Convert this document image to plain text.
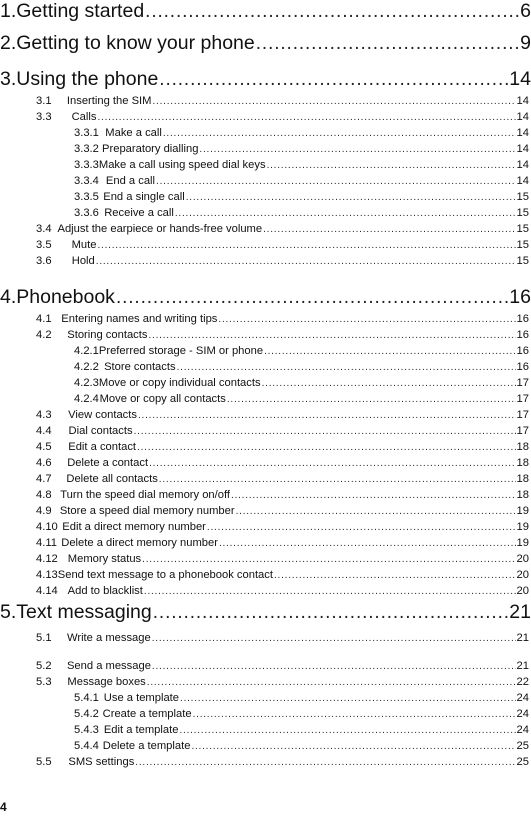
1. Getting started . . .	6
2. Getting to know your phone . . .	9
3. Using the phone . . .	14
3.1	Inserting the SIM . . .	14
3.3	Calls . . .	14
3.3.1 Make a call . . .	14
3.3.2 Preparatory dialling . . .	14
3.3.3 Make a call using speed dial keys . . .	14
3.3.4 End a call . . .	14
3.3.5 End a single call . . .	15
3.3.6 Receive a call . . .	15
3.4 Adjust the earpiece or hands-free volume . . .	15
3.5	Mute . . .	15
3.6	Hold . . .	15
4. Phonebook . . .	16
4.1 Entering names and writing tips . . .	16
4.2	Storing contacts . . .	16
4.2.1 Preferred storage - SIM or phone . . .	16
4.2.2 Store contacts . . .	16
4.2.3 Move or copy individual contacts . . .	17
4.2.4 Move or copy all contacts . . .	17
4.3	View contacts . . .	17
4.4	Dial contacts . . .	17
4.5	Edit a contact . . .	18
4.6	Delete a contact . . .	18
4.7	Delete all contacts . . .	18
4.8 Turn the speed dial memory on/off . . .	18
4.9 Store a speed dial memory number . . .	19
4.10 Edit a direct memory number . . .	19
4.11 Delete a direct memory number . . .	19
4.12 Memory status . . .	20
4.13 Send text message to a phonebook contact . . .	20
4.14 Add to blacklist . . .	20
5. Text messaging . . .	21
5.1	Write a message . . .	21
5.2	Send a message . . .	21
5.3	Message boxes . . .	22
5.4.1 Use a template . . .	24
5.4.2 Create a template . . .	24
5.4.3 Edit a template . . .	24
5.4.4 Delete a template . . .	25
5.5	SMS settings . . .	25
4
